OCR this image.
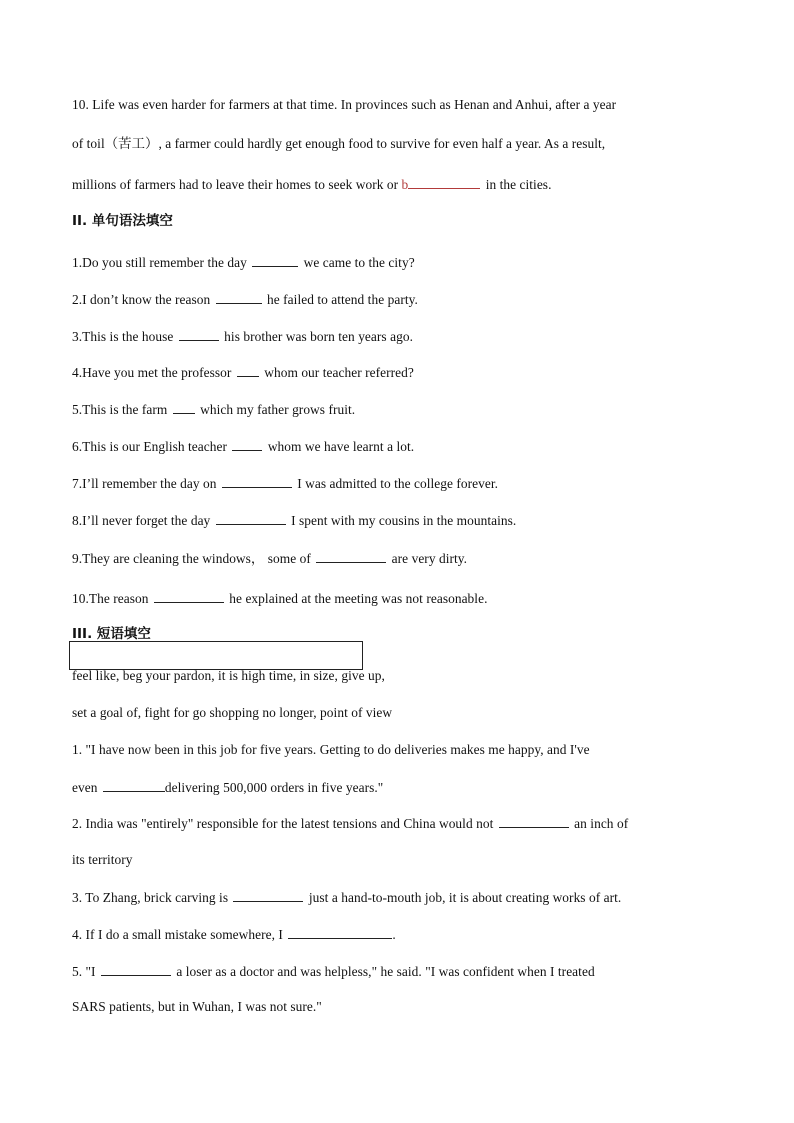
10. Life was even harder for farmers at that time. In provinces such as Henan and Anhui, after a year
of toil（苦工）, a farmer could hardly get enough food to survive for even half a year. As a result,
millions of farmers had to leave their homes to seek work or b	in the cities.
II. 单句语法填空
1.Do you still remember the day	we came to the city?
2.I don’t know the reason	he failed to attend the party.
3.This is the house	his brother was born ten years ago.
4.Have you met the professor  whom our teacher referred?
5.This is the farm  which my father grows fruit.
6.This is our English teacher	whom we have learnt a lot.
7.I’ll remember the day on	I was admitted to the college forever.
8.I’ll never forget the day	I spent with my cousins in the mountains.
9.They are cleaning the windows， some of	are very dirty.
10.The reason	he explained at the meeting was not reasonable.
III. 短语填空
feel like, beg your pardon, it is high time, in size, give up,
set a goal of, fight for go shopping no longer, point of view
1. "I have now been in this job for five years. Getting to do deliveries makes me happy, and I've
even	delivering 500,000 orders in five years."
2. India was "entirely" responsible for the latest tensions and China would not	an inch of
its territory
3. To Zhang, brick carving is	just a hand-to-mouth job, it is about creating works of art.
4. If I do a small mistake somewhere, I	.
5. "I	a loser as a doctor and was helpless," he said. "I was confident when I treated
SARS patients, but in Wuhan, I was not sure."
